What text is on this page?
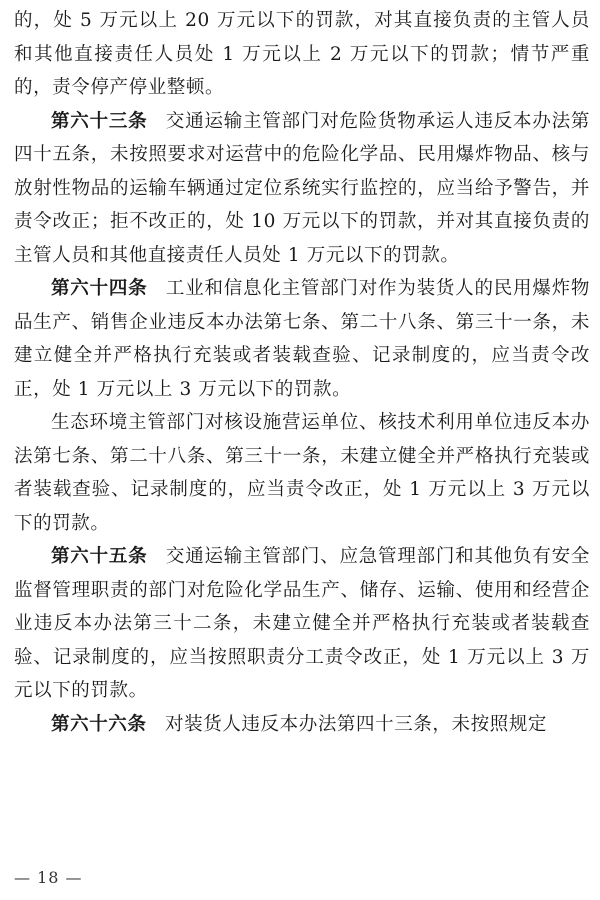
的，处 5 万元以上 20 万元以下的罚款，对其直接负责的主管人员和其他直接责任人员处 1 万元以上 2 万元以下的罚款；情节严重的，责令停产停业整顿。

第六十三条 交通运输主管部门对危险货物承运人违反本办法第四十五条，未按照要求对运营中的危险化学品、民用爆炸物品、核与放射性物品的运输车辆通过定位系统实行监控的，应当给予警告，并责令改正；拒不改正的，处 10 万元以下的罚款，并对其直接负责的主管人员和其他直接责任人员处 1 万元以下的罚款。

第六十四条 工业和信息化主管部门对作为装货人的民用爆炸物品生产、销售企业违反本办法第七条、第二十八条、第三十一条，未建立健全并严格执行充装或者装载查验、记录制度的，应当责令改正，处 1 万元以上 3 万元以下的罚款。

生态环境主管部门对核设施营运单位、核技术利用单位违反本办法第七条、第二十八条、第三十一条，未建立健全并严格执行充装或者装载查验、记录制度的，应当责令改正，处 1 万元以上 3 万元以下的罚款。

第六十五条 交通运输主管部门、应急管理部门和其他负有安全监督管理职责的部门对危险化学品生产、储存、运输、使用和经营企业违反本办法第三十二条，未建立健全并严格执行充装或者装载查验、记录制度的，应当按照职责分工责令改正，处 1 万元以上 3 万元以下的罚款。

第六十六条 对装货人违反本办法第四十三条，未按照规定

— 18 —
